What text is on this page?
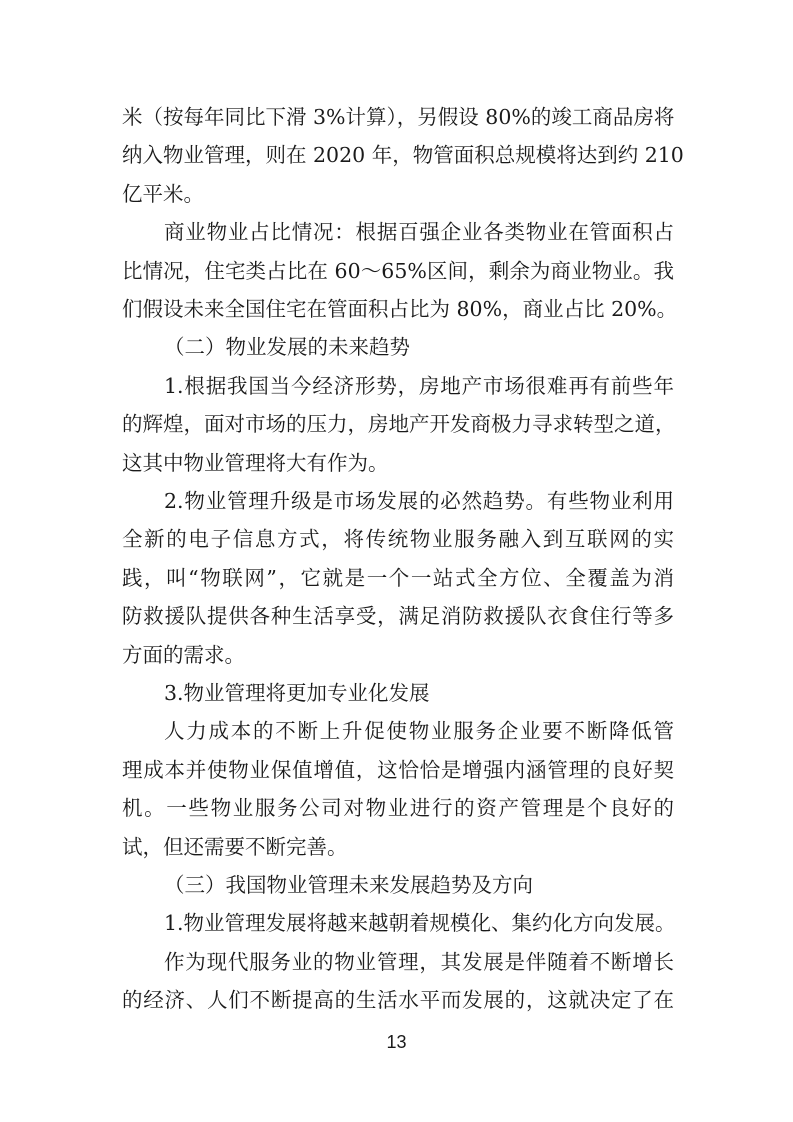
米（按每年同比下滑 3%计算），另假设 80%的竣工商品房将
纳入物业管理，则在 2020 年，物管面积总规模将达到约 210
亿平米。
商业物业占比情况：根据百强企业各类物业在管面积占
比情况，住宅类占比在 60～65%区间，剩余为商业物业。我
们假设未来全国住宅在管面积占比为 80%，商业占比 20%。
（二）物业发展的未来趋势
1.根据我国当今经济形势，房地产市场很难再有前些年
的辉煌，面对市场的压力，房地产开发商极力寻求转型之道，
这其中物业管理将大有作为。
2.物业管理升级是市场发展的必然趋势。有些物业利用
全新的电子信息方式，将传统物业服务融入到互联网的实
践，叫“物联网”，它就是一个一站式全方位、全覆盖为消
防救援队提供各种生活享受，满足消防救援队衣食住行等多
方面的需求。
3.物业管理将更加专业化发展
人力成本的不断上升促使物业服务企业要不断降低管
理成本并使物业保值增值，这恰恰是增强内涵管理的良好契
机。一些物业服务公司对物业进行的资产管理是个良好的
试，但还需要不断完善。
（三）我国物业管理未来发展趋势及方向
1.物业管理发展将越来越朝着规模化、集约化方向发展。
13
作为现代服务业的物业管理，其发展是伴随着不断增长
的经济、人们不断提高的生活水平而发展的，这就决定了在
